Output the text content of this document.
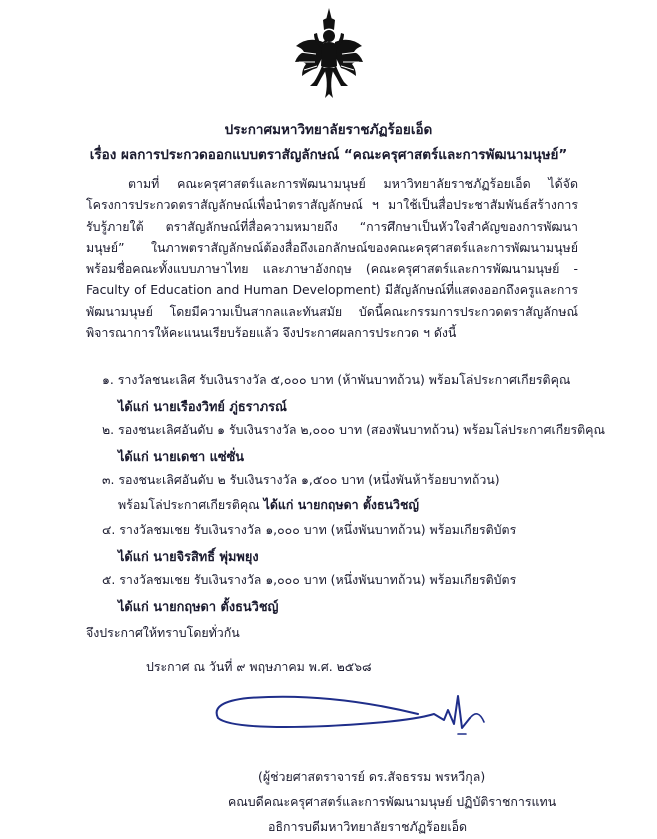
ประกาศมหาวิทยาลัยราชภัฏร้อยเอ็ด
เรื่อง ผลการประกวดออกแบบตราสัญลักษณ์ “คณะครุศาสตร์และการพัฒนามนุษย์”
ตามที่ คณะครุศาสตร์และการพัฒนามนุษย์ มหาวิทยาลัยราชภัฏร้อยเอ็ด ได้จัดโครงการประกวดตราสัญลักษณ์เพื่อนำตราสัญลักษณ์ ฯ มาใช้เป็นสื่อประชาสัมพันธ์สร้างการรับรู้ภายใต้ ตราสัญลักษณ์ที่สื่อความหมายถึง “การศึกษาเป็นหัวใจสำคัญของการพัฒนามนุษย์” ในภาพตราสัญลักษณ์ต้องสื่อถึงเอกลักษณ์ของคณะครุศาสตร์และการพัฒนามนุษย์ พร้อมชื่อคณะทั้งแบบภาษาไทย และภาษาอังกฤษ (คณะครุศาสตร์และการพัฒนามนุษย์ - Faculty of Education and Human Development) มีสัญลักษณ์ที่แสดงออกถึงครูและการพัฒนามนุษย์ โดยมีความเป็นสากลและทันสมัย บัดนี้คณะกรรมการประกวดตราสัญลักษณ์พิจารณาการให้คะแนนเรียบร้อยแล้ว จึงประกาศผลการประกวด ฯ ดังนี้
๑. รางวัลชนะเลิศ รับเงินรางวัล ๕,๐๐๐ บาท (ห้าพันบาทถ้วน) พร้อมโล่ประกาศเกียรติคุณ
ได้แก่ นายเรืองวิทย์ ภู่ธราภรณ์
๒. รองชนะเลิศอันดับ ๑ รับเงินรางวัล ๒,๐๐๐ บาท (สองพันบาทถ้วน) พร้อมโล่ประกาศเกียรติคุณ
ได้แก่ นายเดชา แซ่ซั่น
๓. รองชนะเลิศอันดับ ๒ รับเงินรางวัล ๑,๕๐๐ บาท (หนึ่งพันห้าร้อยบาทถ้วน)
พร้อมโล่ประกาศเกียรติคุณ ได้แก่ นายกฤษดา ตั้งธนวิชญ์
๔. รางวัลชมเชย รับเงินรางวัล ๑,๐๐๐ บาท (หนึ่งพันบาทถ้วน) พร้อมเกียรติบัตร
ได้แก่ นายจิรสิทธิ์ พุ่มพยุง
๕. รางวัลชมเชย รับเงินรางวัล ๑,๐๐๐ บาท (หนึ่งพันบาทถ้วน) พร้อมเกียรติบัตร
ได้แก่ นายกฤษดา ตั้งธนวิชญ์
จึงประกาศให้ทราบโดยทั่วกัน
ประกาศ ณ วันที่ ๙ พฤษภาคม พ.ศ. ๒๕๖๘
(ผู้ช่วยศาสตราจารย์ ดร.สัจธรรม พรหวีกุล)
คณบดีคณะครุศาสตร์และการพัฒนามนุษย์ ปฏิบัติราชการแทน
อธิการบดีมหาวิทยาลัยราชภัฏร้อยเอ็ด
